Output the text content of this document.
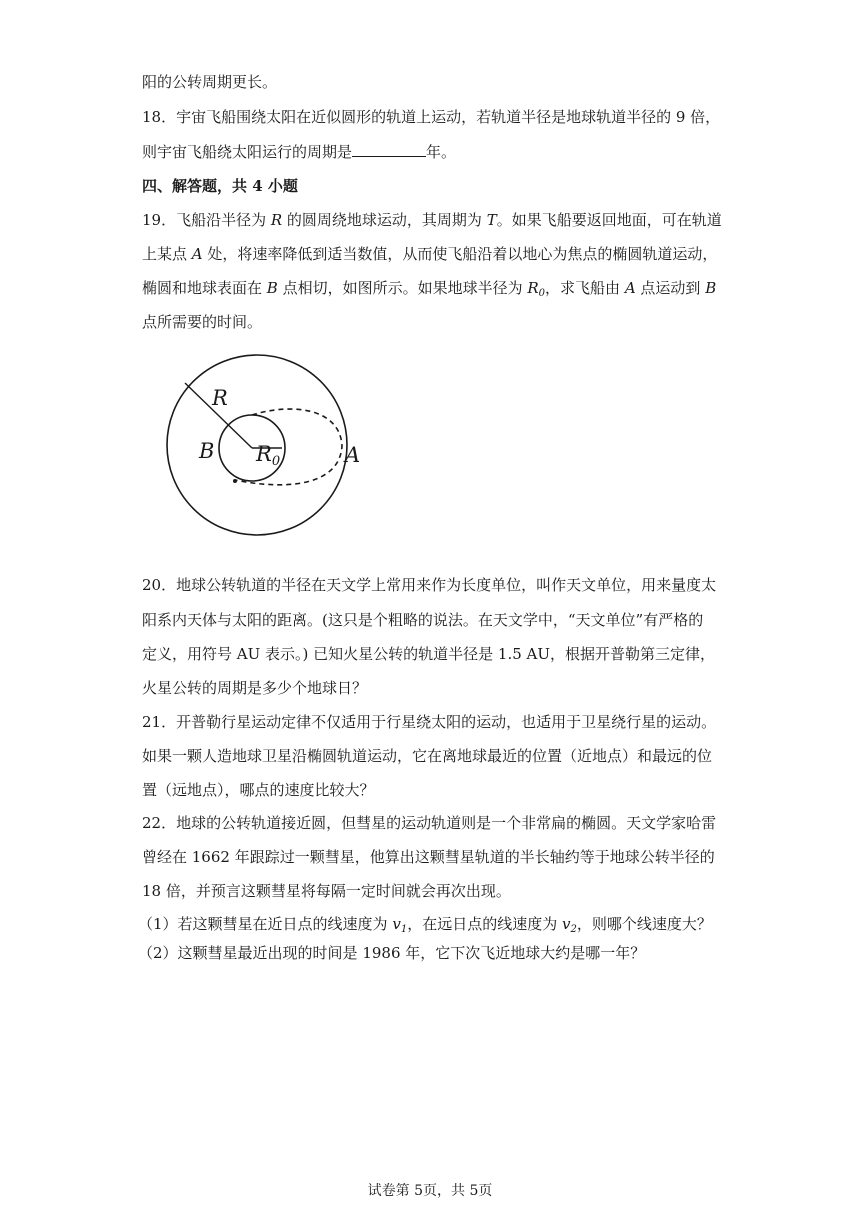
阳的公转周期更长。
18．宇宙飞船围绕太阳在近似圆形的轨道上运动，若轨道半径是地球轨道半径的 9 倍，
则宇宙飞船绕太阳运行的周期是	年。
四、解答题，共 4 小题
19．飞船沿半径为 R 的圆周绕地球运动，其周期为 T。如果飞船要返回地面，可在轨道
上某点 A 处，将速率降低到适当数值，从而使飞船沿着以地心为焦点的椭圆轨道运动，
椭圆和地球表面在 B 点相切，如图所示。如果地球半径为 $R_0$，求飞船由 A 点运动到 B
点所需要的时间。
R
B R0	A
20．地球公转轨道的半径在天文学上常用来作为长度单位，叫作天文单位，用来量度太
阳系内天体与太阳的距离。(这只是个粗略的说法。在天文学中，“天文单位”有严格的
定义，用符号 AU 表示。) 已知火星公转的轨道半径是 1.5 AU，根据开普勒第三定律，
火星公转的周期是多少个地球日？
21．开普勒行星运动定律不仅适用于行星绕太阳的运动，也适用于卫星绕行星的运动。
如果一颗人造地球卫星沿椭圆轨道运动，它在离地球最近的位置（近地点）和最远的位
置（远地点），哪点的速度比较大？
22．地球的公转轨道接近圆，但彗星的运动轨道则是一个非常扁的椭圆。天文学家哈雷
曾经在 1662 年跟踪过一颗彗星，他算出这颗彗星轨道的半长轴约等于地球公转半径的
18 倍，并预言这颗彗星将每隔一定时间就会再次出现。
（1）若这颗彗星在近日点的线速度为 $v_1$，在远日点的线速度为 $v_2$，则哪个线速度大？
（2）这颗彗星最近出现的时间是 1986 年，它下次飞近地球大约是哪一年？
试卷第 5页，共 5页
